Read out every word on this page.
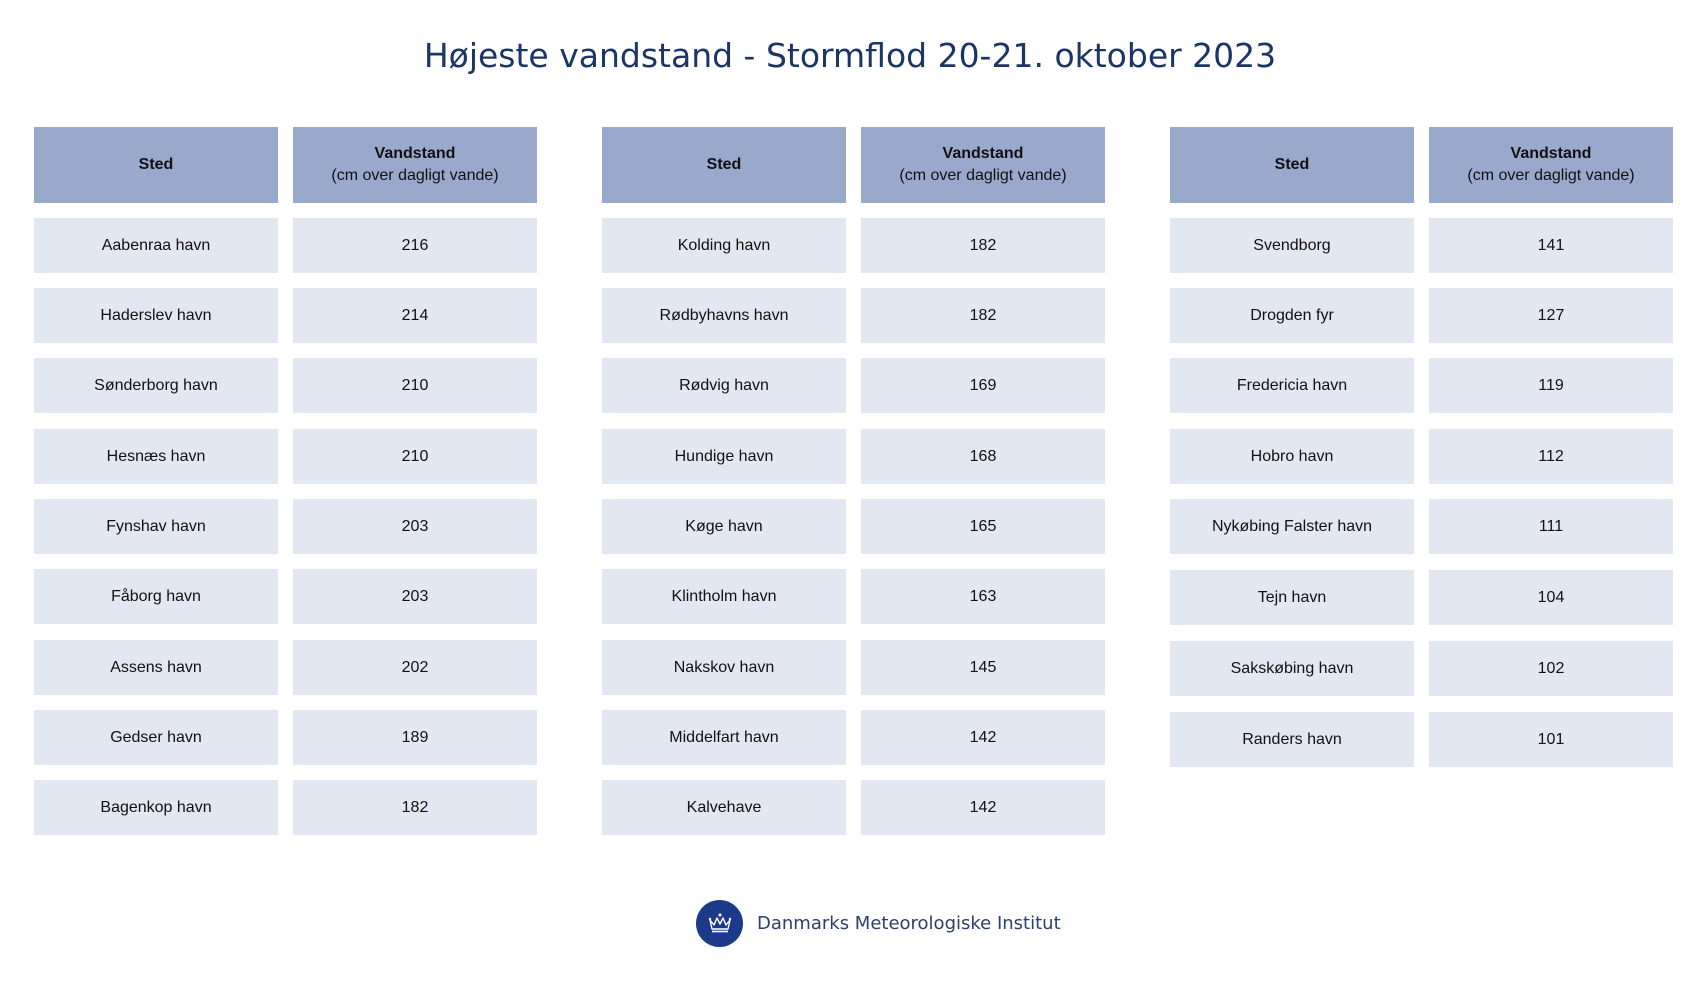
Højeste vandstand - Stormflod 20-21. oktober 2023
Sted
Vandstand
(cm over dagligt vande)
Aabenraa havn	216
Haderslev havn	214
Sønderborg havn	210
Hesnæs havn	210
Fynshav havn	203
Fåborg havn	203
Assens havn	202
Gedser havn	189
Bagenkop havn	182
Sted
Vandstand
(cm over dagligt vande)
Kolding havn	182
Rødbyhavns havn	182
Rødvig havn	169
Hundige havn	168
Køge havn	165
Klintholm havn	163
Nakskov havn	145
Middelfart havn	142
Kalvehave	142
Sted
Vandstand
(cm over dagligt vande)
Svendborg	141
Drogden fyr	127
Fredericia havn	119
Hobro havn	112
Nykøbing Falster havn	111
Tejn havn	104
Sakskøbing havn	102
Randers havn	101
Danmarks Meteorologiske Institut
